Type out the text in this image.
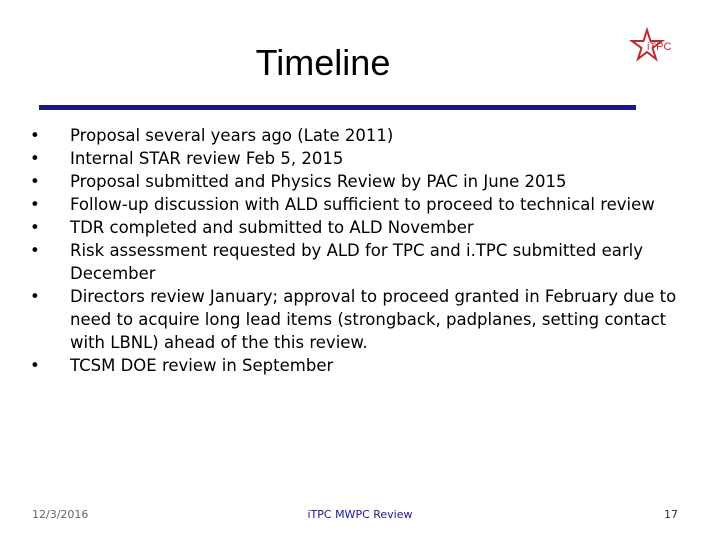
Timeline	iTPC
• Proposal several years ago (Late 2011)
• Internal STAR review Feb 5, 2015
• Proposal submitted and Physics Review by PAC in June 2015
• Follow-up discussion with ALD sufficient to proceed to technical review
• TDR completed and submitted to ALD November
• Risk assessment requested by ALD for TPC and i.TPC submitted early December
• Directors review January; approval to proceed granted in February due to need to acquire long lead items (strongback, padplanes, setting contact with LBNL) ahead of the this review.
• TCSM DOE review in September
12/3/2016	iTPC MWPC Review	17
